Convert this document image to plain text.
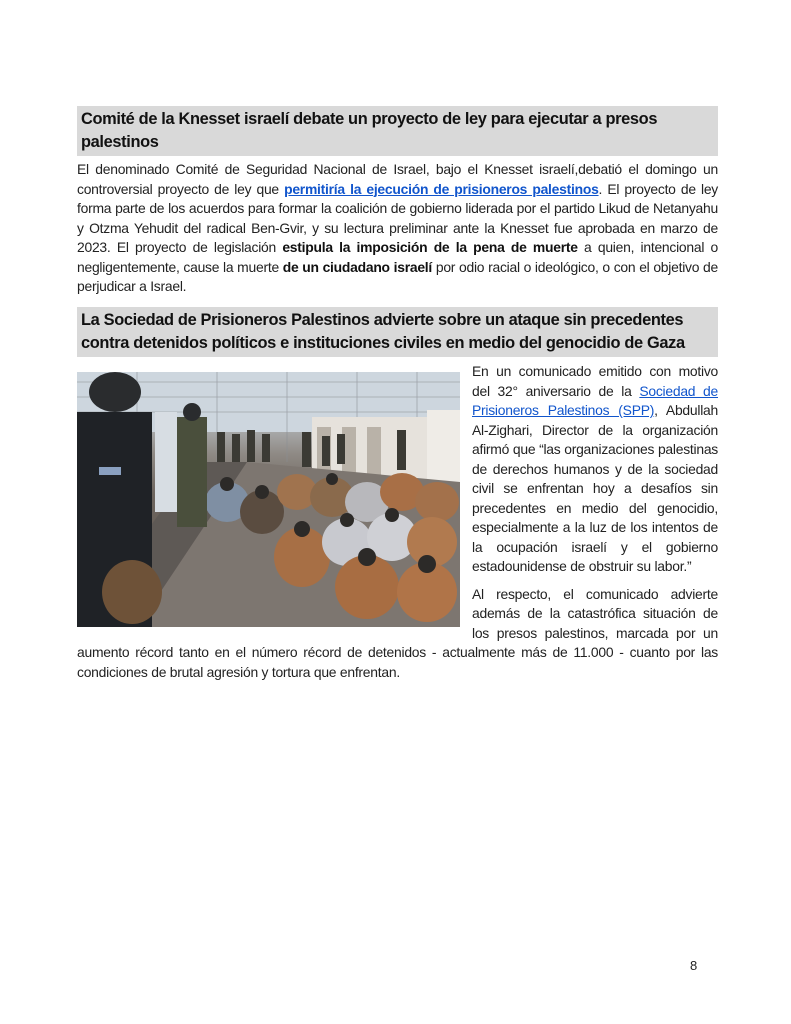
Comité de la Knesset israelí debate un proyecto de ley para ejecutar a presos palestinos

El denominado Comité de Seguridad Nacional de Israel, bajo el Knesset israelí,debatió el domingo un controversial proyecto de ley que permitiría la ejecución de prisioneros palestinos. El proyecto de ley forma parte de los acuerdos para formar la coalición de gobierno liderada por el partido Likud de Netanyahu y Otzma Yehudit del radical Ben-Gvir, y su lectura preliminar ante la Knesset fue aprobada en marzo de 2023. El proyecto de legislación estipula la imposición de la pena de muerte a quien, intencional o negligentemente, cause la muerte de un ciudadano israelí por odio racial o ideológico, o con el objetivo de perjudicar a Israel.

La Sociedad de Prisioneros Palestinos advierte sobre un ataque sin precedentes contra detenidos políticos e instituciones civiles en medio del genocidio de Gaza

En un comunicado emitido con motivo del 32° aniversario de la Sociedad de Prisioneros Palestinos (SPP), Abdullah Al-Zighari, Director de la organización afirmó que “las organizaciones palestinas de derechos humanos y de la sociedad civil se enfrentan hoy a desafíos sin precedentes en medio del genocidio, especialmente a la luz de los intentos de la ocupación israelí y el gobierno estadounidense de obstruir su labor.”

Al respecto, el comunicado advierte además de la catastrófica situación de los presos palestinos, marcada por un aumento récord tanto en el número récord de detenidos - actualmente más de 11.000 - cuanto por las condiciones de brutal agresión y tortura que enfrentan.

8
